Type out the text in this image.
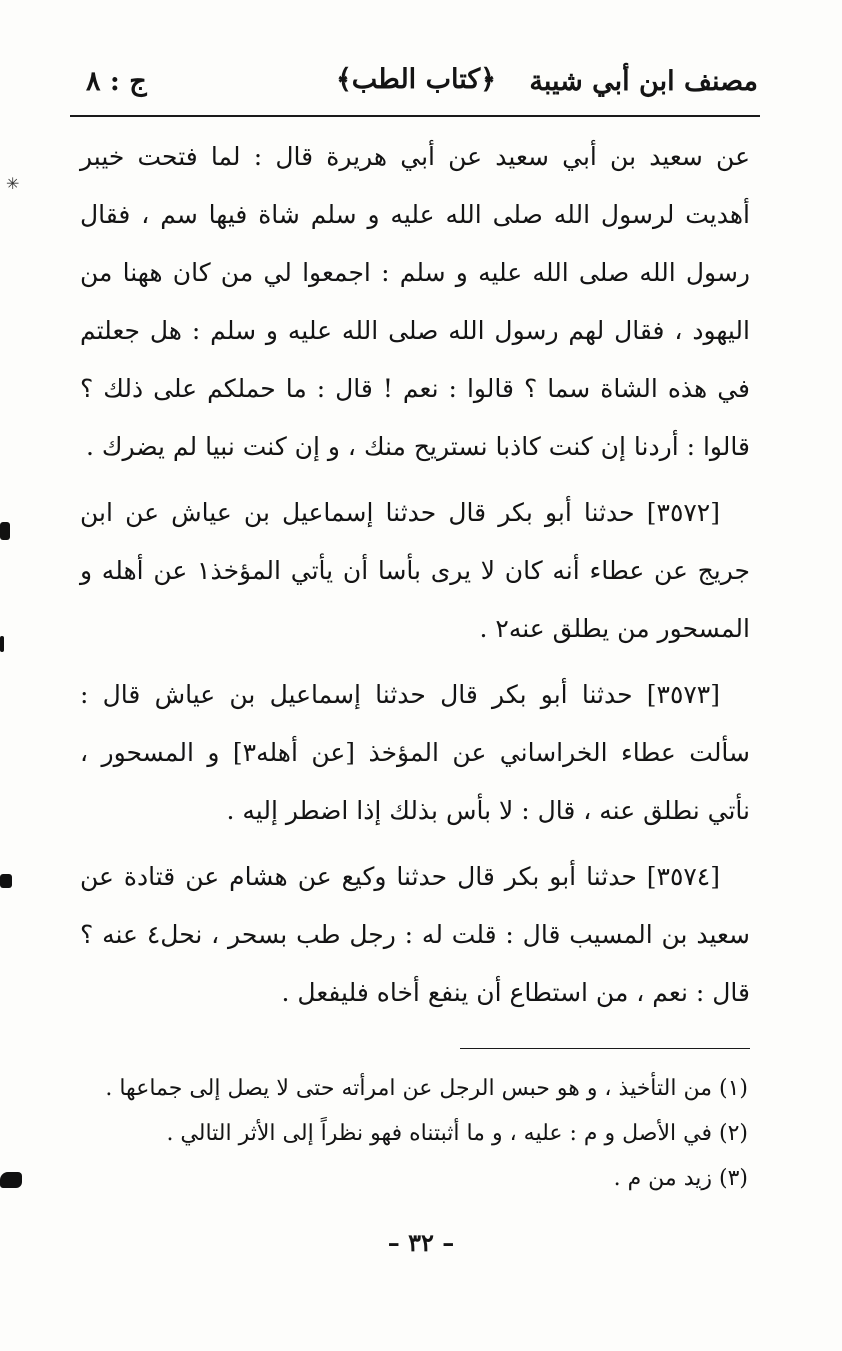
مصنف ابن أبي شيبة
﴿كتاب الطب﴾
ج : ٨

عن سعيد بن أبي سعيد عن أبي هريرة قال : لما فتحت خيبر أهديت لرسول الله صلى الله عليه و سلم شاة فيها سم ، فقال رسول الله صلى الله عليه و سلم : اجمعوا لي من كان ههنا من اليهود ، فقال لهم رسول الله صلى الله عليه و سلم : هل جعلتم في هذه الشاة سما ؟ قالوا : نعم ! قال : ما حملكم على ذلك ؟ قالوا : أردنا إن كنت كاذبا نستريح منك ، و إن كنت نبيا لم يضرك .

[٣٥٧٢] حدثنا أبو بكر قال حدثنا إسماعيل بن عياش عن ابن جريج عن عطاء أنه كان لا يرى بأسا أن يأتي المؤخذ١ عن أهله و المسحور من يطلق عنه٢ .

[٣٥٧٣] حدثنا أبو بكر قال حدثنا إسماعيل بن عياش قال : سألت عطاء الخراساني عن المؤخذ [عن أهله٣] و المسحور ، نأتي نطلق عنه ، قال : لا بأس بذلك إذا اضطر إليه .

[٣٥٧٤] حدثنا أبو بكر قال حدثنا وكيع عن هشام عن قتادة عن سعيد بن المسيب قال : قلت له : رجل طب بسحر ، نحل٤ عنه ؟ قال : نعم ، من استطاع أن ينفع أخاه فليفعل .

(١) من التأخيذ ، و هو حبس الرجل عن امرأته حتى لا يصل إلى جماعها .

(٢) في الأصل و م : عليه ، و ما أثبتناه فهو نظراً إلى الأثر التالي .

(٣) زيد من م .

– ٣٢ –
✳
